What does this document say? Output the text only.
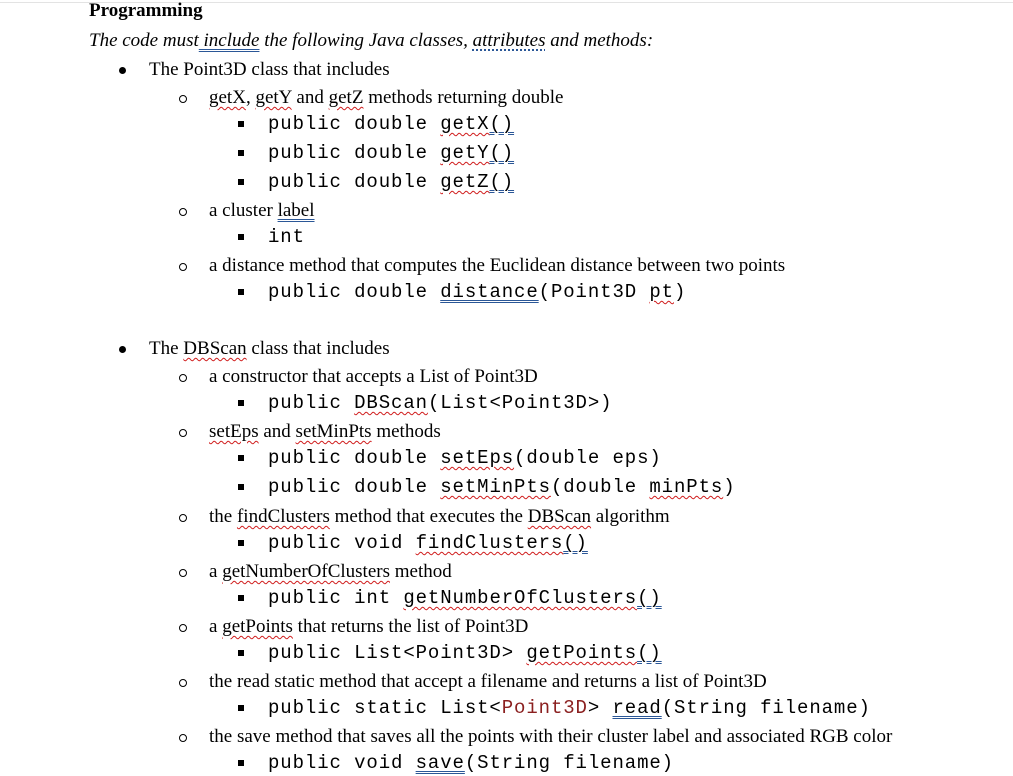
Programming
The code must include the following Java classes, attributes and methods:
The Point3D class that includes
getX, getY and getZ methods returning double
public double getX()
public double getY()
public double getZ()
a cluster label
int
a distance method that computes the Euclidean distance between two points
public double distance(Point3D pt)
The DBScan class that includes
a constructor that accepts a List of Point3D
public DBScan(List<Point3D>)
setEps and setMinPts methods
public double setEps(double eps)
public double setMinPts(double minPts)
the findClusters method that executes the DBScan algorithm
public void findClusters()
a getNumberOfClusters method
public int getNumberOfClusters()
a getPoints that returns the list of Point3D
public List<Point3D> getPoints()
the read static method that accept a filename and returns a list of Point3D
public static List<Point3D> read(String filename)
the save method that saves all the points with their cluster label and associated RGB color
public void save(String filename)
